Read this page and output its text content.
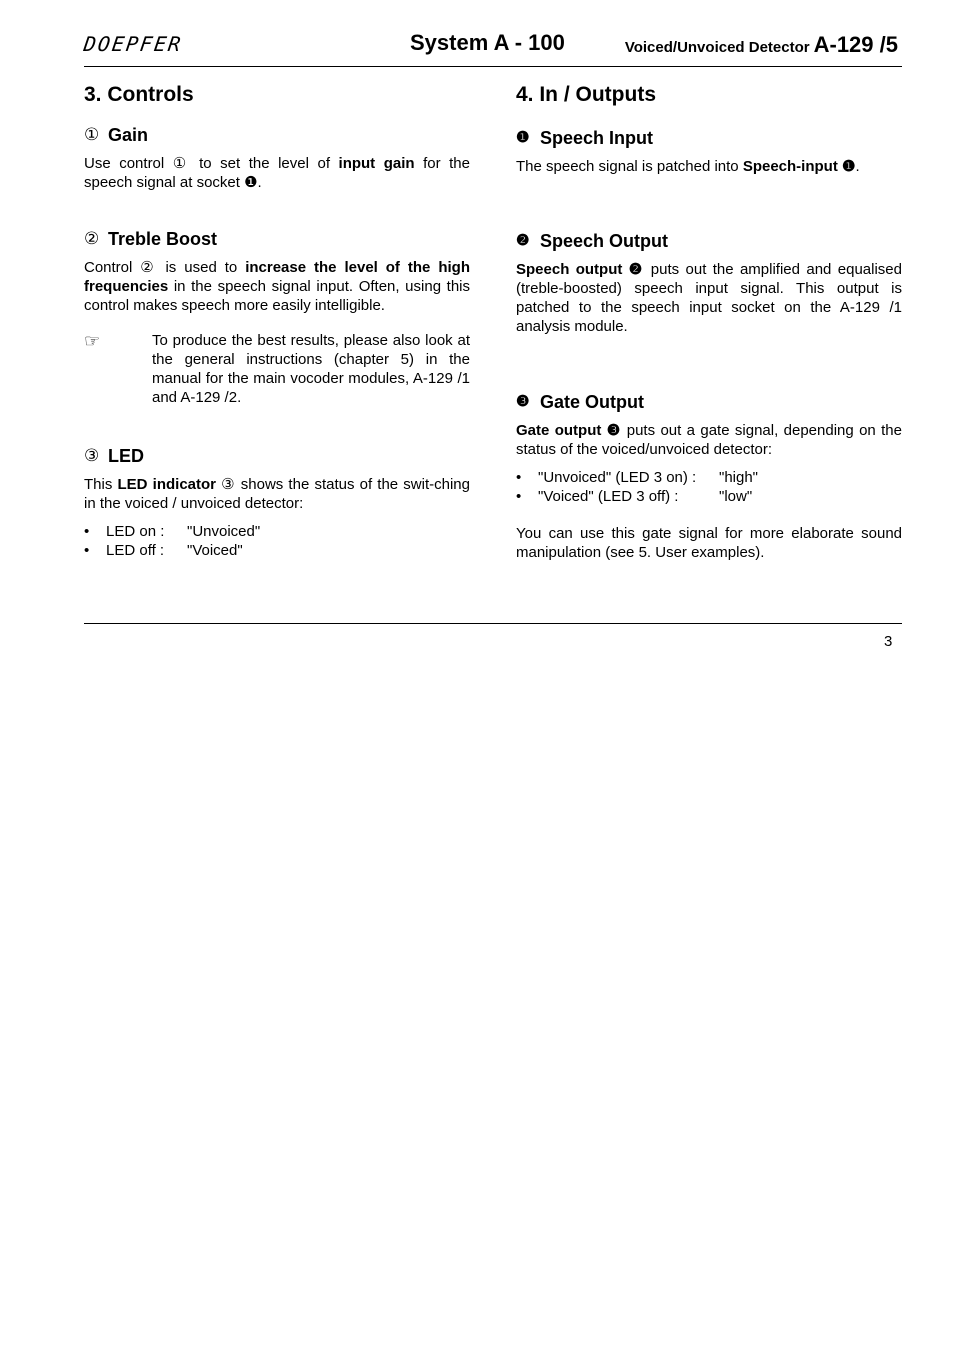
DOEPFER	System A - 100	Voiced/Unvoiced Detector A-129 /5
3. Controls
① Gain

Use control ① to set the level of input gain for the speech signal at socket ❶.

② Treble Boost

Control ② is used to increase the level of the high frequencies in the speech signal input. Often, using this control makes speech more easily intelligible.

☞	To produce the best results, please also look at the general instructions (chapter 5) in the manual for the main vocoder modules, A-129 /1 and A-129 /2.

③ LED

This LED indicator ③ shows the status of the swit-ching in the voiced / unvoiced detector:

• LED on : "Unvoiced"
• LED off : "Voiced"
4. In / Outputs
❶ Speech Input

The speech signal is patched into Speech-input ❶.

❷ Speech Output

Speech output ❷ puts out the amplified and equalised (treble-boosted) speech input signal. This output is patched to the speech input socket on the A-129 /1 analysis module.

❸ Gate Output

Gate output ❸ puts out a gate signal, depending on the status of the voiced/unvoiced detector:

• "Unvoiced" (LED 3 on) : "high"
• "Voiced" (LED 3 off) :	"low"

You can use this gate signal for more elaborate sound manipulation (see 5. User examples).

3
